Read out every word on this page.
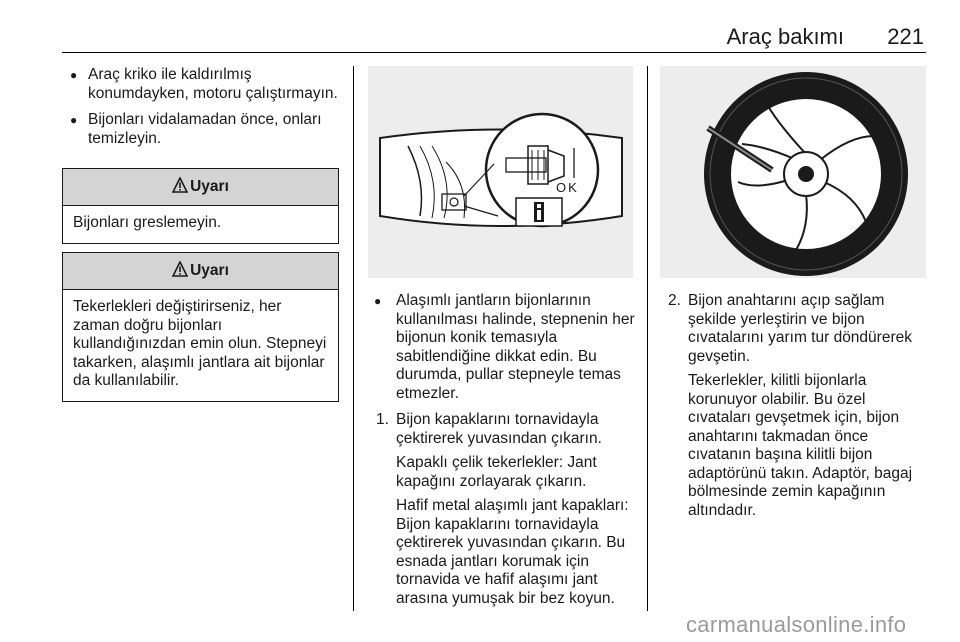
Araç bakımı 221
● Araç kriko ile kaldırılmış konumdayken, motoru çalıştırmayın.
● Bijonları vidalamadan önce, onları temizleyin.
Uyarı
Bijonları greslemeyin.
Uyarı
Tekerlekleri değiştirirseniz, her zaman doğru bijonları kullandığınızdan emin olun. Stepneyi takarken, alaşımlı jantlara ait bijonlar da kullanılabilir.
OK
● Alaşımlı jantların bijonlarının kullanılması halinde, stepnenin her bijonun konik temasıyla sabitlendiğine dikkat edin. Bu durumda, pullar stepneyle temas etmezler.
1. Bijon kapaklarını tornavidayla çektirerek yuvasından çıkarın.
Kapaklı çelik tekerlekler: Jant kapağını zorlayarak çıkarın.
Hafif metal alaşımlı jant kapakları: Bijon kapaklarını tornavidayla çektirerek yuvasından çıkarın. Bu esnada jantları korumak için tornavida ve hafif alaşımı jant arasına yumuşak bir bez koyun.
2. Bijon anahtarını açıp sağlam şekilde yerleştirin ve bijon cıvatalarını yarım tur döndürerek gevşetin.
Tekerlekler, kilitli bijonlarla korunuyor olabilir. Bu özel cıvataları gevşetmek için, bijon anahtarını takmadan önce cıvatanın başına kilitli bijon adaptörünü takın. Adaptör, bagaj bölmesinde zemin kapağının altındadır.
carmanualsonline.info
